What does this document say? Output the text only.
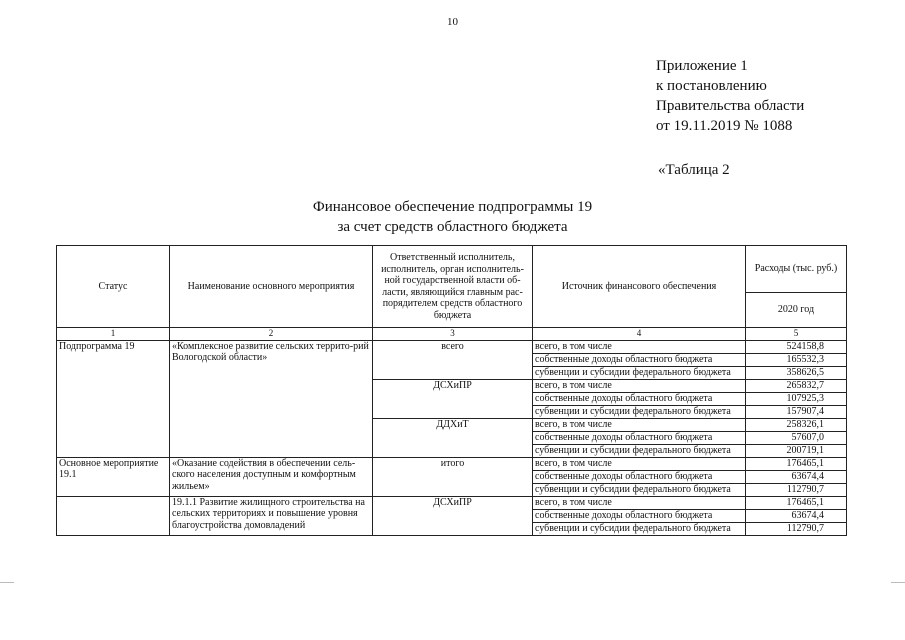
10
Приложение 1
к постановлению
Правительства области
от 19.11.2019 № 1088
«Таблица 2
Финансовое обеспечение подпрограммы 19
за счет средств областного бюджета
Статус	Наименование основного мероприятия	Ответственный исполнитель, исполнитель, орган исполнитель-ной государственной власти об-ласти, являющийся главным рас-порядителем средств областного бюджета	Источник финансового обеспечения	Расходы (тыс. руб.)
				2020 год
1	2	3	4	5
Подпрограмма 19	«Комплексное развитие сельских террито-рий Вологодской области»	всего	всего, в том числе	524158,8
			собственные доходы областного бюджета	165532,3
			субвенции и субсидии федерального бюджета	358626,5
		ДСХиПР	всего, в том числе	265832,7
			собственные доходы областного бюджета	107925,3
			субвенции и субсидии федерального бюджета	157907,4
		ДДХиТ	всего, в том числе	258326,1
			собственные доходы областного бюджета	57607,0
			субвенции и субсидии федерального бюджета	200719,1
Основное мероприятие 19.1	«Оказание содействия в обеспечении сель-ского населения доступным и комфортным жильем»	итого	всего, в том числе	176465,1
			собственные доходы областного бюджета	63674,4
			субвенции и субсидии федерального бюджета	112790,7
	19.1.1 Развитие жилищного строительства на сельских территориях и повышение уровня благоустройства домовладений	ДСХиПР	всего, в том числе	176465,1
			собственные доходы областного бюджета	63674,4
			субвенции и субсидии федерального бюджета	112790,7
